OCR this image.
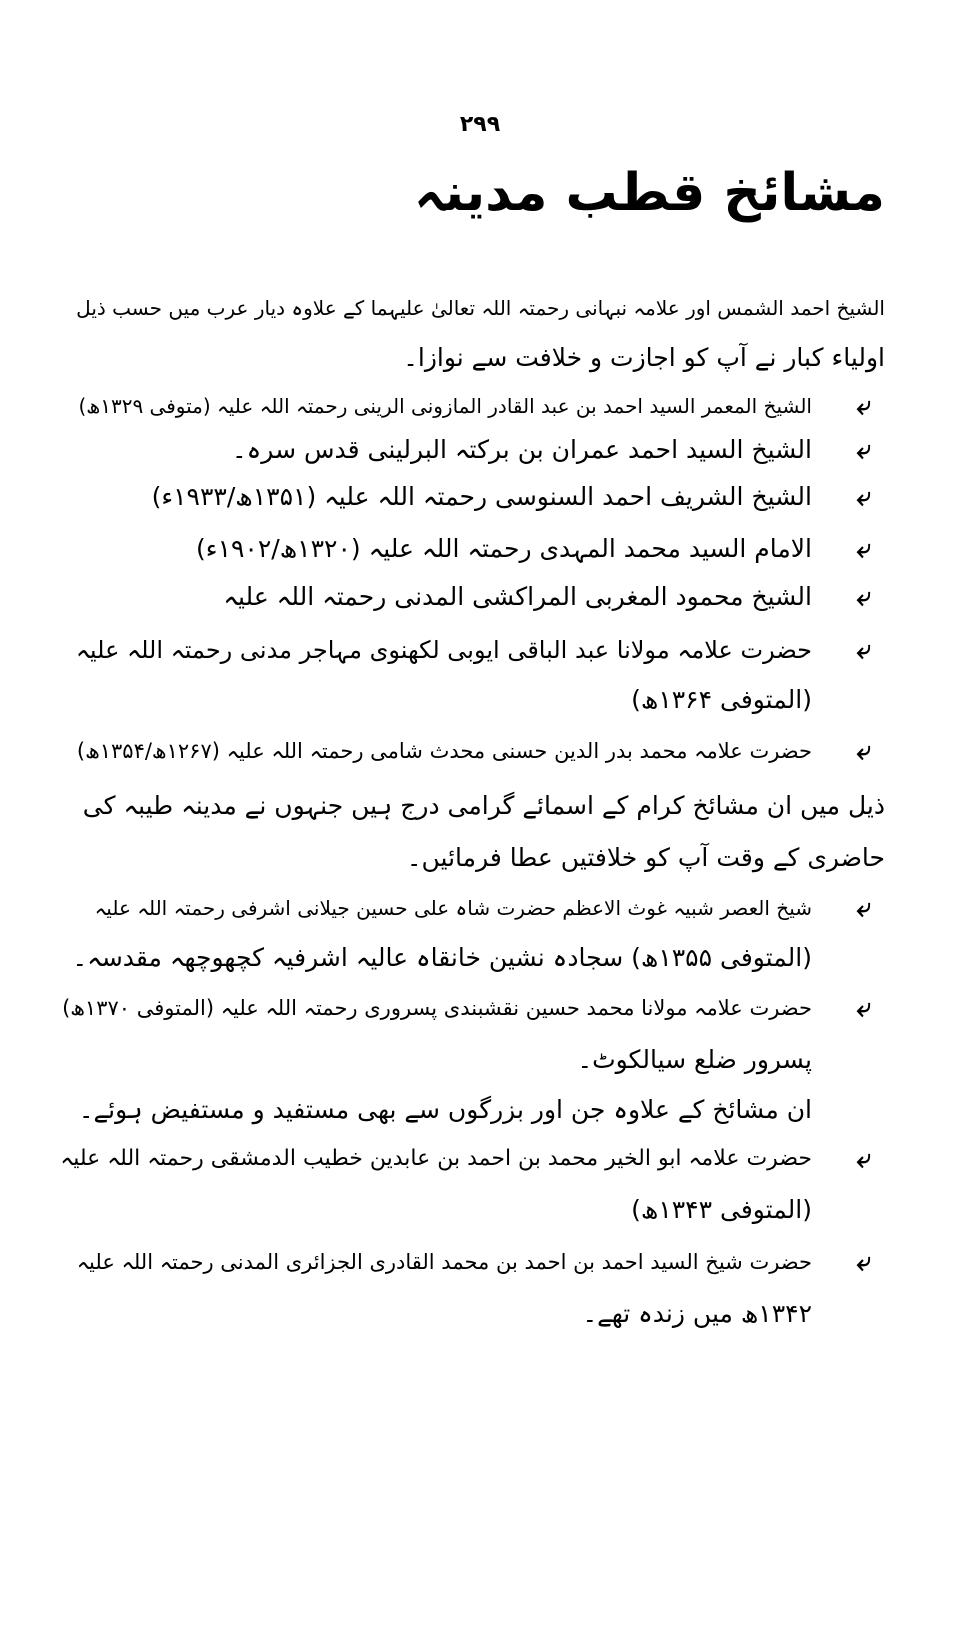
۲۹۹
مشائخ قطب مدینہ
الشیخ احمد الشمس اور علامہ نبہانی رحمتہ اللہ تعالیٰ علیہما کے علاوہ دیار عرب میں حسب ذیل
اولیاء کبار نے آپ کو اجازت و خلافت سے نوازا۔
⤶
الشیخ المعمر السید احمد بن عبد القادر المازونی الرینی رحمتہ اللہ علیہ (متوفی ۱۳۲۹ھ)
⤶
الشیخ السید احمد عمران بن برکتہ البرلینی قدس سرہ۔
⤶
الشیخ الشریف احمد السنوسی رحمتہ اللہ علیہ (۱۳۵۱ھ/۱۹۳۳ء)
⤶
الامام السید محمد المہدی رحمتہ اللہ علیہ (۱۳۲۰ھ/۱۹۰۲ء)
⤶
الشیخ محمود المغربی المراکشی المدنی رحمتہ اللہ علیہ
⤶
حضرت علامہ مولانا عبد الباقی ایوبی لکھنوی مہاجر مدنی رحمتہ اللہ علیہ
(المتوفی ۱۳۶۴ھ)
⤶
حضرت علامہ محمد بدر الدین حسنی محدث شامی رحمتہ اللہ علیہ (۱۲۶۷ھ/۱۳۵۴ھ)
ذیل میں ان مشائخ کرام کے اسمائے گرامی درج ہیں جنہوں نے مدینہ طیبہ کی
حاضری کے وقت آپ کو خلافتیں عطا فرمائیں۔
⤶
شیخ العصر شبیہ غوث الاعظم حضرت شاہ علی حسین جیلانی اشرفی رحمتہ اللہ علیہ
(المتوفی ۱۳۵۵ھ) سجادہ نشین خانقاہ عالیہ اشرفیہ کچھوچھہ مقدسہ۔
⤶
حضرت علامہ مولانا محمد حسین نقشبندی پسروری رحمتہ اللہ علیہ (المتوفی ۱۳۷۰ھ)
پسرور ضلع سیالکوٹ۔
ان مشائخ کے علاوہ جن اور بزرگوں سے بھی مستفید و مستفیض ہوئے۔
⤶
حضرت علامہ ابو الخیر محمد بن احمد بن عابدین خطیب الدمشقی رحمتہ اللہ علیہ
(المتوفی ۱۳۴۳ھ)
⤶
حضرت شیخ السید احمد بن احمد بن محمد القادری الجزائری المدنی رحمتہ اللہ علیہ
۱۳۴۲ھ میں زندہ تھے۔
